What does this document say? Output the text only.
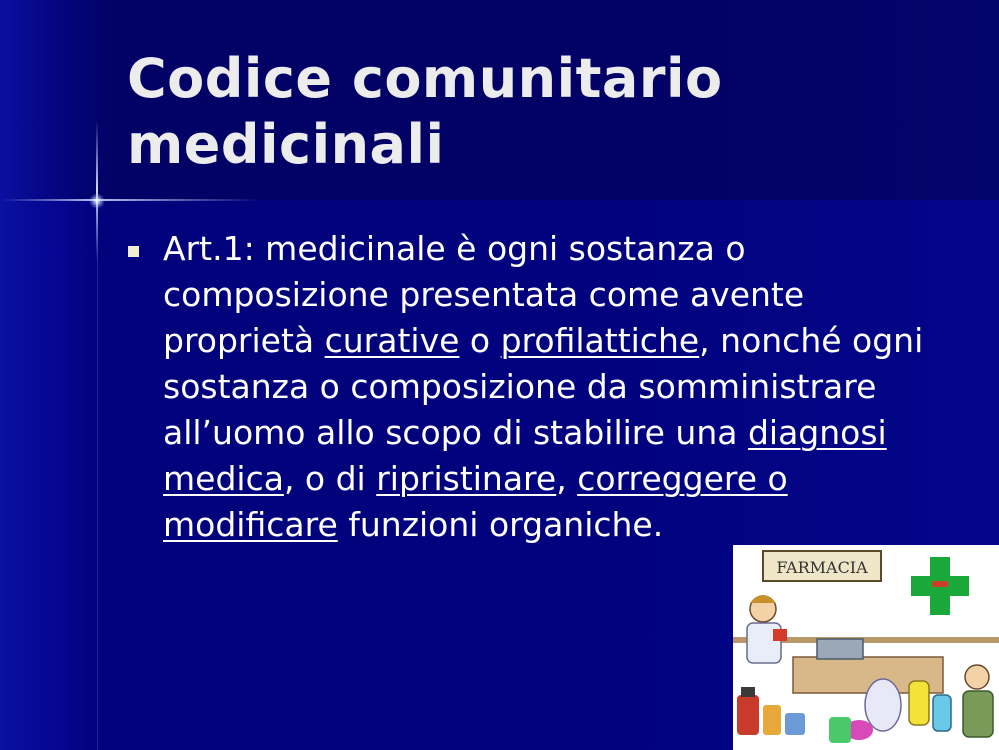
Codice comunitario
medicinali
Art.1: medicinale è ogni sostanza o composizione presentata come avente proprietà curative o profilattiche, nonché ogni sostanza o composizione da somministrare all’uomo allo scopo di stabilire una diagnosi medica, o di ripristinare, correggere o modificare funzioni organiche.
FARMACIA
